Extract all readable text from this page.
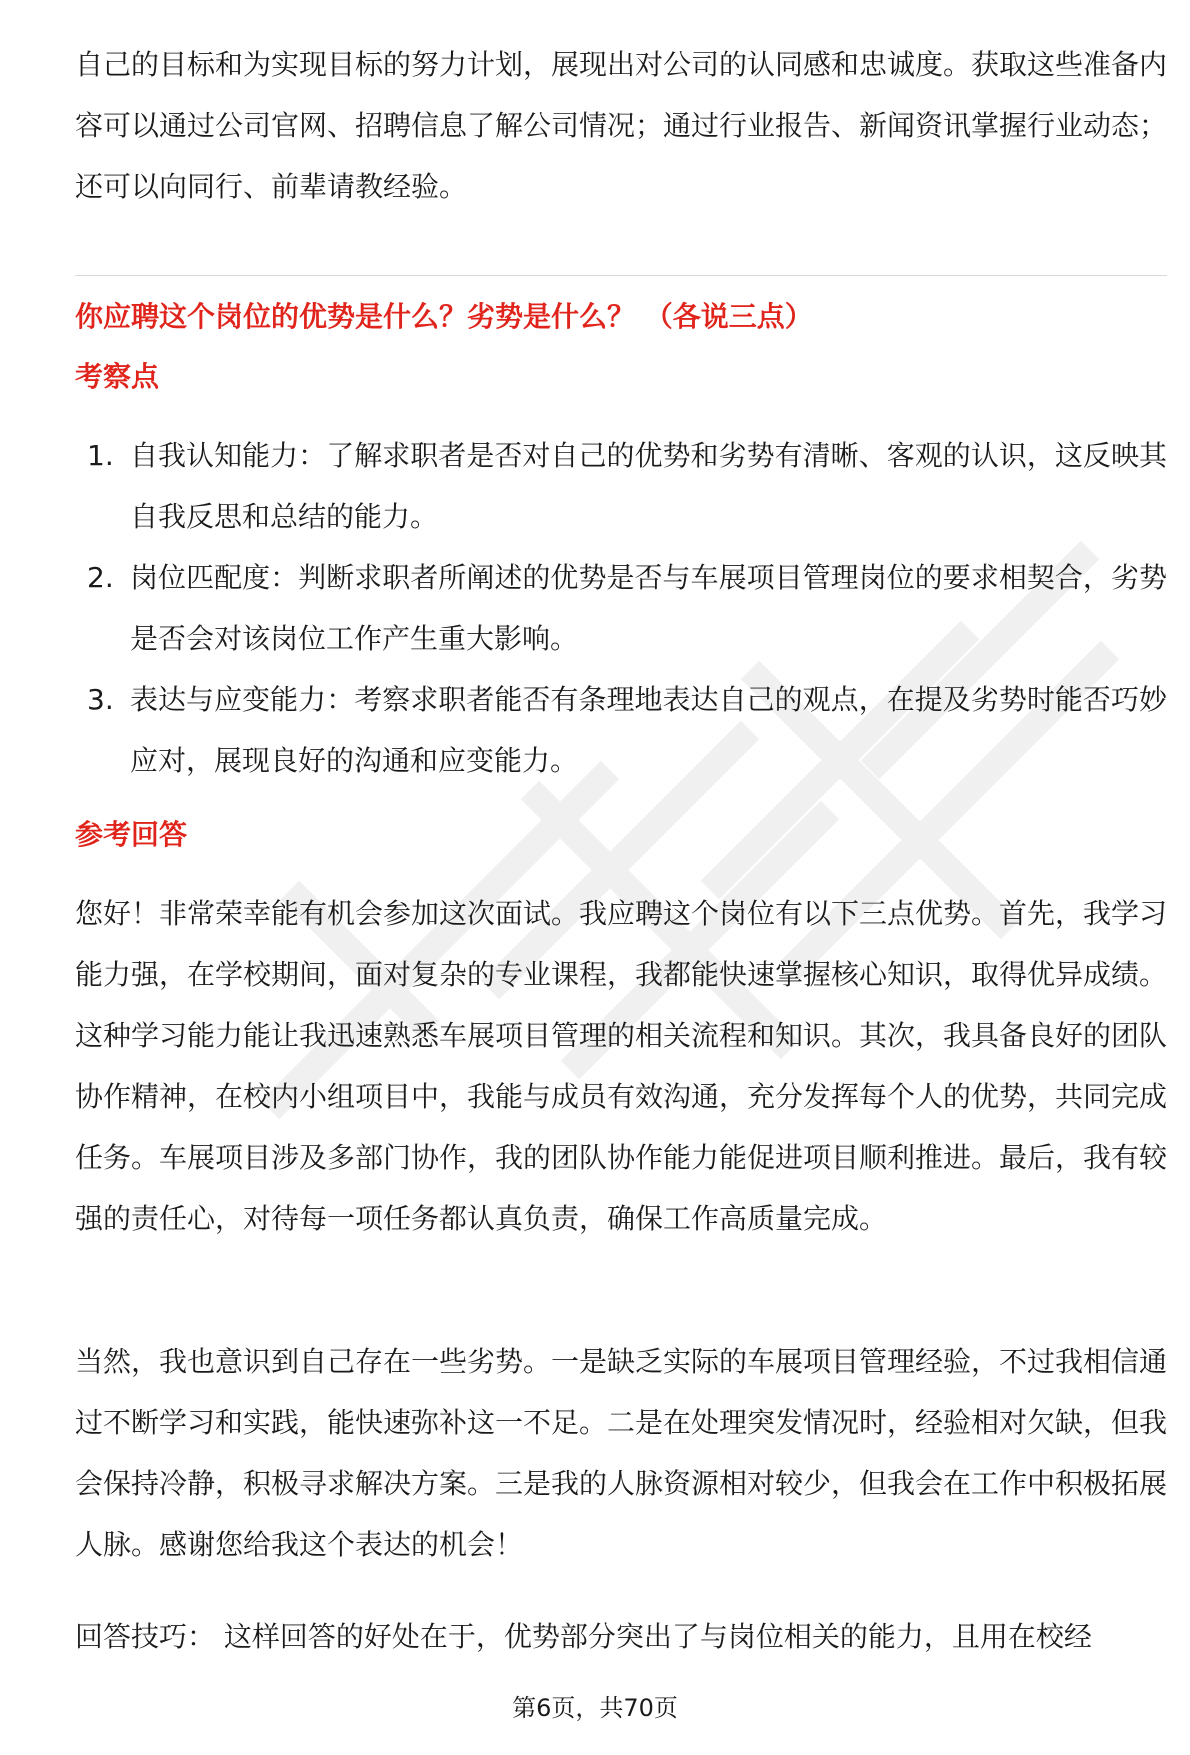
自己的目标和为实现目标的努力计划，展现出对公司的认同感和忠诚度。获取这些准备内容可以通过公司官网、招聘信息了解公司情况；通过行业报告、新闻资讯掌握行业动态；还可以向同行、前辈请教经验。

你应聘这个岗位的优势是什么？劣势是什么？ （各说三点）
考察点
1. 自我认知能力：了解求职者是否对自己的优势和劣势有清晰、客观的认识，这反映其自我反思和总结的能力。
2. 岗位匹配度：判断求职者所阐述的优势是否与车展项目管理岗位的要求相契合，劣势是否会对该岗位工作产生重大影响。
3. 表达与应变能力：考察求职者能否有条理地表达自己的观点，在提及劣势时能否巧妙应对，展现良好的沟通和应变能力。
参考回答

您好！非常荣幸能有机会参加这次面试。我应聘这个岗位有以下三点优势。首先，我学习能力强，在学校期间，面对复杂的专业课程，我都能快速掌握核心知识，取得优异成绩。这种学习能力能让我迅速熟悉车展项目管理的相关流程和知识。其次，我具备良好的团队协作精神，在校内小组项目中，我能与成员有效沟通，充分发挥每个人的优势，共同完成任务。车展项目涉及多部门协作，我的团队协作能力能促进项目顺利推进。最后，我有较强的责任心，对待每一项任务都认真负责，确保工作高质量完成。

当然，我也意识到自己存在一些劣势。一是缺乏实际的车展项目管理经验，不过我相信通过不断学习和实践，能快速弥补这一不足。二是在处理突发情况时，经验相对欠缺，但我会保持冷静，积极寻求解决方案。三是我的人脉资源相对较少，但我会在工作中积极拓展人脉。感谢您给我这个表达的机会！

回答技巧： 这样回答的好处在于，优势部分突出了与岗位相关的能力，且用在校经

第6页，共70页
